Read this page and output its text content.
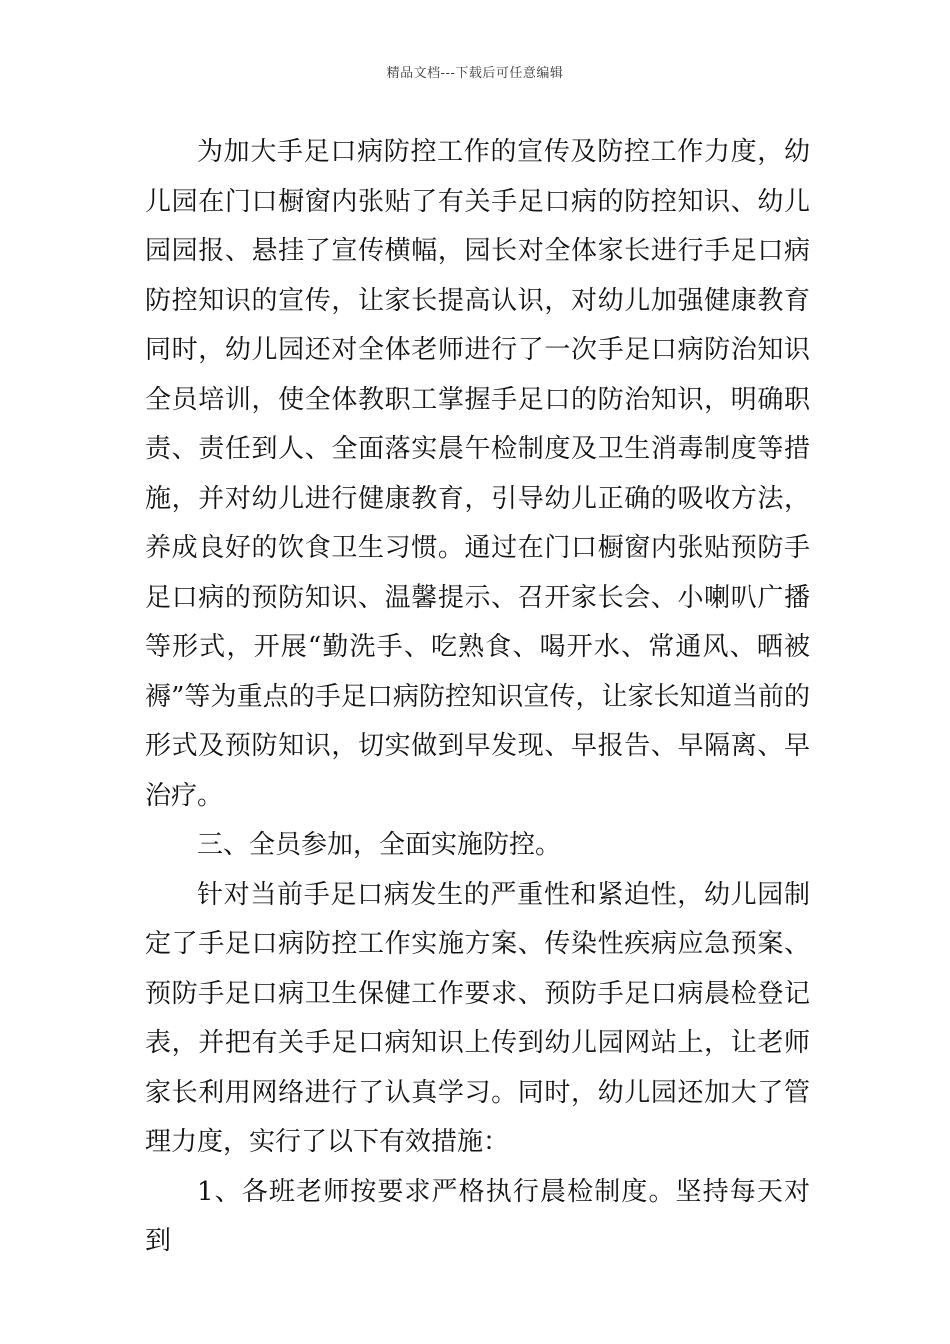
精品文档---下载后可任意编辑

为加大手足口病防控工作的宣传及防控工作力度，幼儿园在门口橱窗内张贴了有关手足口病的防控知识、幼儿园园报、悬挂了宣传横幅，园长对全体家长进行手足口病防控知识的宣传，让家长提高认识，对幼儿加强健康教育同时，幼儿园还对全体老师进行了一次手足口病防治知识全员培训，使全体教职工掌握手足口的防治知识，明确职责、责任到人、全面落实晨午检制度及卫生消毒制度等措施，并对幼儿进行健康教育，引导幼儿正确的吸收方法，养成良好的饮食卫生习惯。通过在门口橱窗内张贴预防手足口病的预防知识、温馨提示、召开家长会、小喇叭广播等形式，开展“勤洗手、吃熟食、喝开水、常通风、晒被褥”等为重点的手足口病防控知识宣传，让家长知道当前的形式及预防知识，切实做到早发现、早报告、早隔离、早治疗。

三、全员参加，全面实施防控。

针对当前手足口病发生的严重性和紧迫性，幼儿园制定了手足口病防控工作实施方案、传染性疾病应急预案、预防手足口病卫生保健工作要求、预防手足口病晨检登记表，并把有关手足口病知识上传到幼儿园网站上，让老师家长利用网络进行了认真学习。同时，幼儿园还加大了管理力度，实行了以下有效措施：

1、各班老师按要求严格执行晨检制度。坚持每天对到
